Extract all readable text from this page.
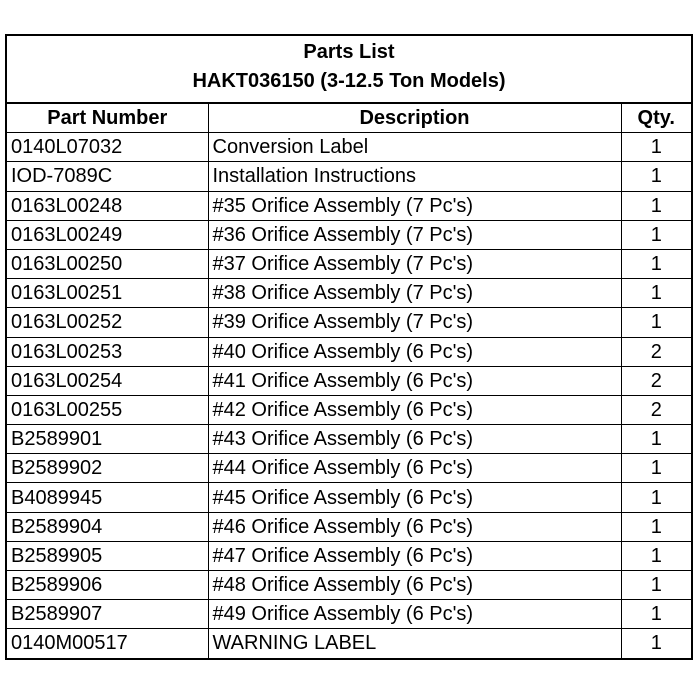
Parts List
HAKT036150 (3-12.5 Ton Models)
Part Number	Description	Qty.
0140L07032	Conversion Label	1
IOD-7089C	Installation Instructions	1
0163L00248	#35 Orifice Assembly (7 Pc's)	1
0163L00249	#36 Orifice Assembly (7 Pc's)	1
0163L00250	#37 Orifice Assembly (7 Pc's)	1
0163L00251	#38 Orifice Assembly (7 Pc's)	1
0163L00252	#39 Orifice Assembly (7 Pc's)	1
0163L00253	#40 Orifice Assembly (6 Pc's)	2
0163L00254	#41 Orifice Assembly (6 Pc's)	2
0163L00255	#42 Orifice Assembly (6 Pc's)	2
B2589901	#43 Orifice Assembly (6 Pc's)	1
B2589902	#44 Orifice Assembly (6 Pc's)	1
B4089945	#45 Orifice Assembly (6 Pc's)	1
B2589904	#46 Orifice Assembly (6 Pc's)	1
B2589905	#47 Orifice Assembly (6 Pc's)	1
B2589906	#48 Orifice Assembly (6 Pc's)	1
B2589907	#49 Orifice Assembly (6 Pc's)	1
0140M00517	WARNING LABEL	1
